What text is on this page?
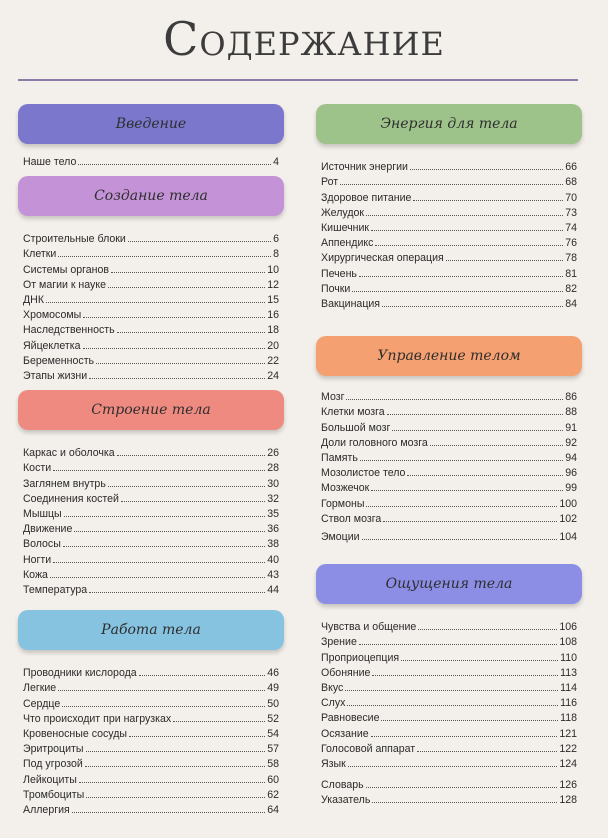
Содержание
Введение
Наше тело	4
Создание тела
Строительные блоки	6
Клетки	8
Системы органов	10
От магии к науке	12
ДНК	15
Хромосомы	16
Наследственность	18
Яйцеклетка	20
Беременность	22
Этапы жизни	24
Строение тела
Каркас и оболочка	26
Кости	28
Заглянем внутрь	30
Соединения костей	32
Мышцы	35
Движение	36
Волосы	38
Ногти	40
Кожа	43
Температура	44
Работа тела
Проводники кислорода	46
Легкие	49
Сердце	50
Что происходит при нагрузках	52
Кровеносные сосуды	54
Эритроциты	57
Под угрозой	58
Лейкоциты	60
Тромбоциты	62
Аллергия	64
Энергия для тела
Источник энергии	66
Рот	68
Здоровое питание	70
Желудок	73
Кишечник	74
Аппендикс	76
Хирургическая операция	78
Печень	81
Почки	82
Вакцинация	84
Управление телом
Мозг	86
Клетки мозга	88
Большой мозг	91
Доли головного мозга	92
Память	94
Мозолистое тело	96
Мозжечок	99
Гормоны	100
Ствол мозга	102
Эмоции	104
Ощущения тела
Чувства и общение	106
Зрение	108
Проприоцепция	110
Обоняние	113
Вкус	114
Слух	116
Равновесие	118
Осязание	121
Голосовой аппарат	122
Язык	124
Словарь	126
Указатель	128
